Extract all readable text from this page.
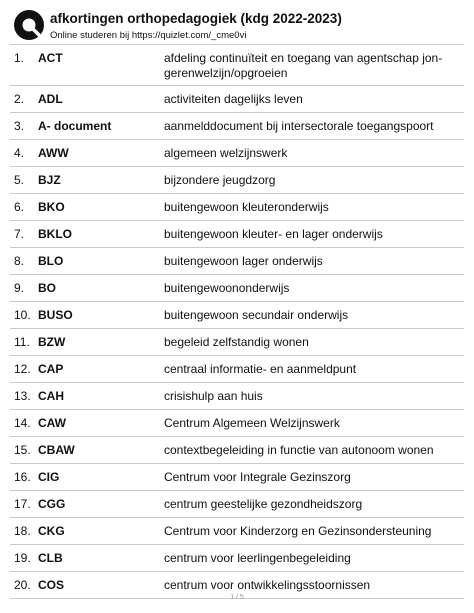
afkortingen orthopedagogiek (kdg 2022-2023)
Online studeren bij https://quizlet.com/_cme0vi
1. ACT	afdeling continuïteit en toegang van agentschap jon- gerenwelzijn/opgroeien
2. ADL	activiteiten dagelijks leven
3. A- document	aanmelddocument bij intersectorale toegangspoort
4. AWW	algemeen welzijnswerk
5. BJZ	bijzondere jeugdzorg
6. BKO	buitengewoon kleuteronderwijs
7. BKLO	buitengewoon kleuter- en lager onderwijs
8. BLO	buitengewoon lager onderwijs
9. BO	buitengewoononderwijs
10. BUSO	buitengewoon secundair onderwijs
11. BZW	begeleid zelfstandig wonen
12. CAP	centraal informatie- en aanmeldpunt
13. CAH	crisishulp aan huis
14. CAW	Centrum Algemeen Welzijnswerk
15. CBAW	contextbegeleiding in functie van autonoom wonen
16. CIG	Centrum voor Integrale Gezinszorg
17. CGG	centrum geestelijke gezondheidszorg
18. CKG	Centrum voor Kinderzorg en Gezinsondersteuning
19. CLB	centrum voor leerlingenbegeleiding
20. COS	centrum voor ontwikkelingsstoornissen
1 / 5
